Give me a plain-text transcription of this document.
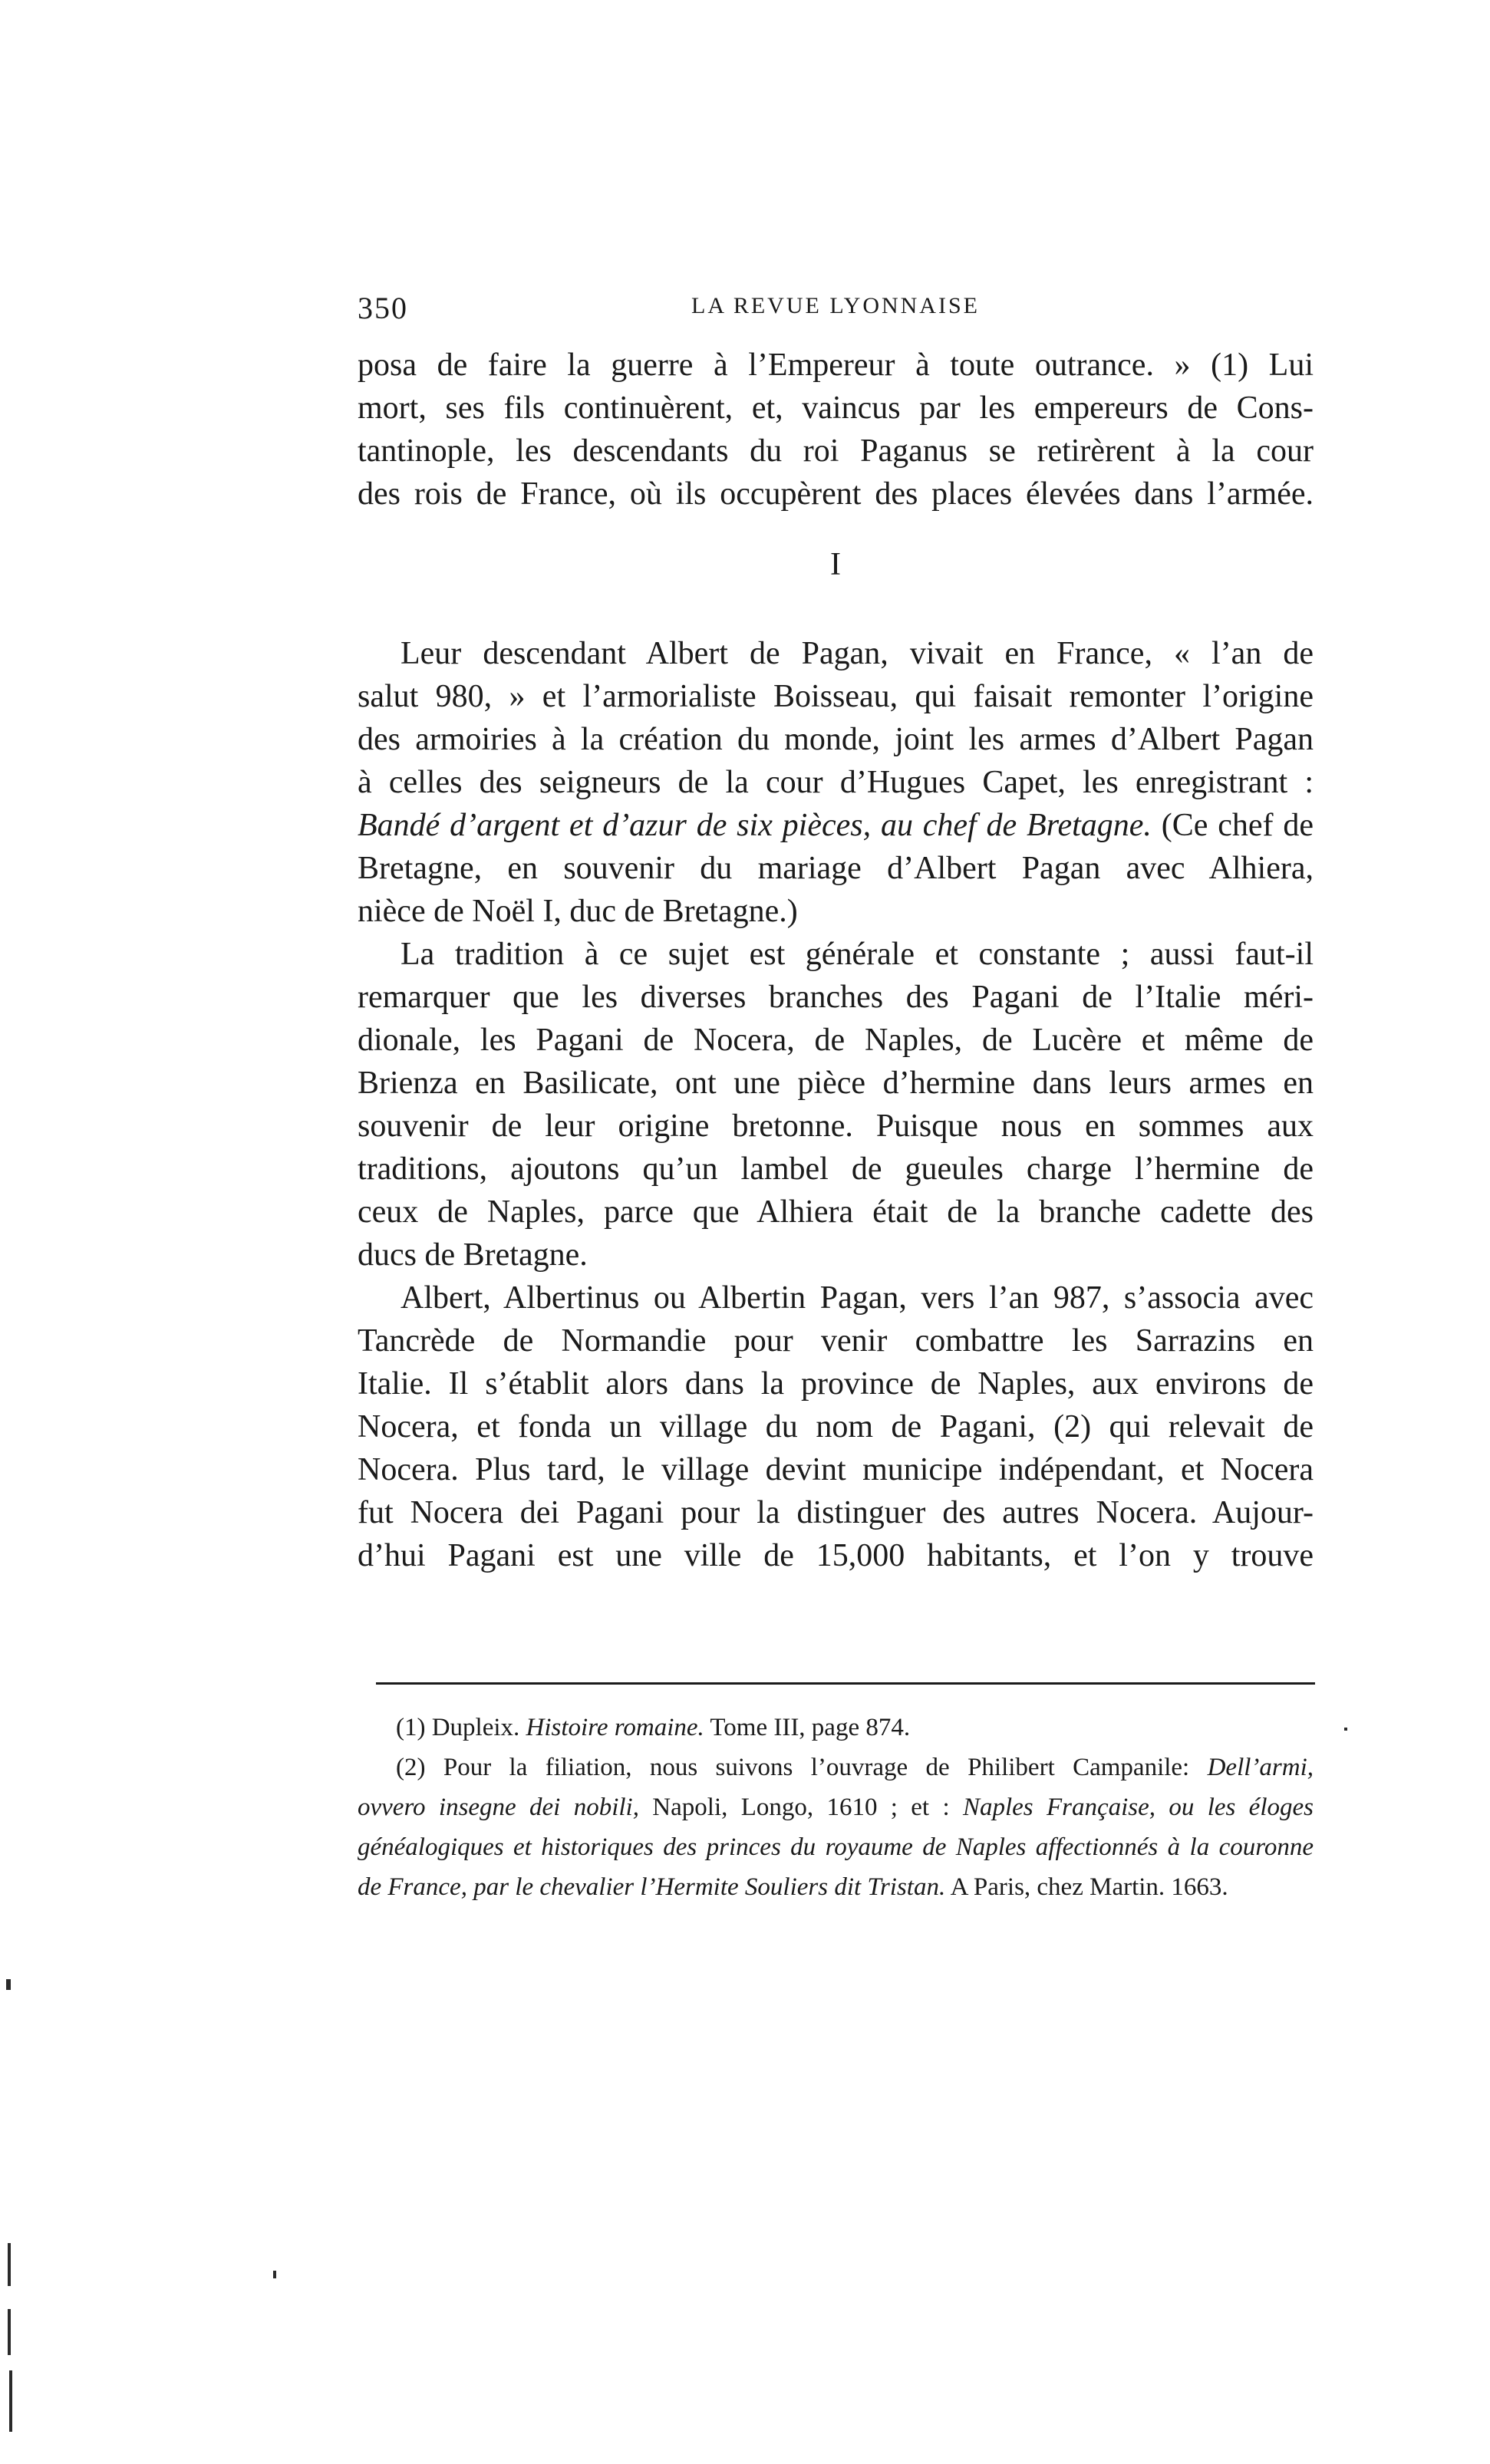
350	LA REVUE LYONNAISE
posa de faire la guerre à l’Empereur à toute outrance. » (1) Lui
mort, ses fils continuèrent, et, vaincus par les empereurs de Cons-
tantinople, les descendants du roi Paganus se retirèrent à la cour
des rois de France, où ils occupèrent des places élevées dans l’armée.
I
Leur descendant Albert de Pagan, vivait en France, « l’an de
salut 980, » et l’armorialiste Boisseau, qui faisait remonter l’origine
des armoiries à la création du monde, joint les armes d’Albert Pagan
à celles des seigneurs de la cour d’Hugues Capet, les enregistrant :
Bandé d’argent et d’azur de six pièces, au chef de Bretagne. (Ce chef de
Bretagne, en souvenir du mariage d’Albert Pagan avec Alhiera,
nièce de Noël I, duc de Bretagne.)
La tradition à ce sujet est générale et constante ; aussi faut-il
remarquer que les diverses branches des Pagani de l’Italie méri-
dionale, les Pagani de Nocera, de Naples, de Lucère et même de
Brienza en Basilicate, ont une pièce d’hermine dans leurs armes en
souvenir de leur origine bretonne. Puisque nous en sommes aux
traditions, ajoutons qu’un lambel de gueules charge l’hermine de
ceux de Naples, parce que Alhiera était de la branche cadette des
ducs de Bretagne.
Albert, Albertinus ou Albertin Pagan, vers l’an 987, s’associa avec
Tancrède de Normandie pour venir combattre les Sarrazins en
Italie. Il s’établit alors dans la province de Naples, aux environs de
Nocera, et fonda un village du nom de Pagani, (2) qui relevait de
Nocera. Plus tard, le village devint municipe indépendant, et Nocera
fut Nocera dei Pagani pour la distinguer des autres Nocera. Aujour-
d’hui Pagani est une ville de 15,000 habitants, et l’on y trouve
(1) Dupleix. Histoire romaine. Tome III, page 874.
(2) Pour la filiation, nous suivons l’ouvrage de Philibert Campanile: Dell’armi,
ovvero insegne dei nobili, Napoli, Longo, 1610 ; et : Naples Française, ou les éloges
généalogiques et historiques des princes du royaume de Naples affectionnés à la couronne
de France, par le chevalier l’Hermite Souliers dit Tristan. A Paris, chez Martin. 1663.
